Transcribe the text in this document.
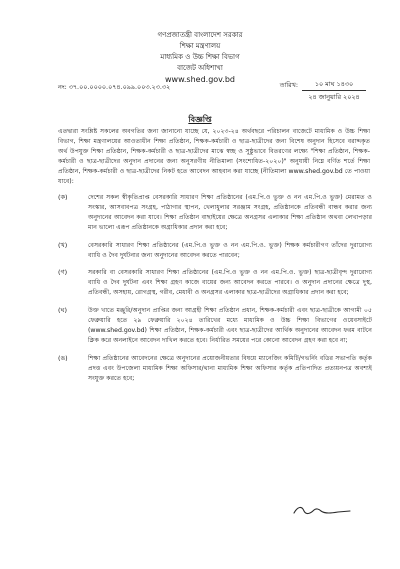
গণপ্রজাতন্ত্রী বাংলাদেশ সরকার
শিক্ষা মন্ত্রণালয়
মাধ্যমিক ও উচ্চ শিক্ষা বিভাগ
বাজেট অধিশাখা
www.shed.gov.bd
নং: ৩৭.০০.০০০০.০৭৪.০৯৯.০০৩.২৩.৩২	তারিখ:	১০ মাঘ ১৪৩০
২৪ জানুয়ারি ২০২৪
বিজ্ঞপ্তি

এতদ্বারা সংশ্লিষ্ট সকলের অবগতির জন্য জানানো যাচ্ছে যে, ২০২৩-২৪ অর্থবছরে পরিচালন বাজেটে মাধ্যমিক ও উচ্চ শিক্ষা বিভাগ, শিক্ষা মন্ত্রণালয়ের আওতাধীন শিক্ষা প্রতিষ্ঠান, শিক্ষক-কর্মচারী ও ছাত্র-ছাত্রীদের জন্য বিশেষ অনুদান হিসেবে বরাদ্দকৃত অর্থ উপযুক্ত শিক্ষা প্রতিষ্ঠান, শিক্ষক-কর্মচারী ও ছাত্র-ছাত্রীদের মাঝে স্বচ্ছ ও সুষ্ঠুভাবে বিতরণের লক্ষ্যে "শিক্ষা প্রতিষ্ঠান, শিক্ষক-কর্মচারী ও ছাত্র-ছাত্রীদের অনুদান প্রদানের জন্য অনুসরণীয় নীতিমালা (সংশোধিত-২০২০)" অনুযায়ী নিম্নে বর্ণিত শর্তে শিক্ষা প্রতিষ্ঠান, শিক্ষক-কর্মচারী ও ছাত্র-ছাত্রীদের নিকট হতে আবেদন আহবান করা যাচ্ছে (নীতিমালা www.shed.gov.bd তে পাওয়া যাবে):

(ক)	দেশের সকল স্বীকৃতিপ্রাপ্ত বেসরকারি সাধারণ শিক্ষা প্রতিষ্ঠানের (এম.পি.ও ভুক্ত ও নন এম.পি.ও ভুক্ত) মেরামত ও সংস্কার, আসবাবপত্র সংগ্রহ, পাঠাগার স্থাপন, খেলাধুলার সরঞ্জাম সংগ্রহ, প্রতিষ্ঠানকে প্রতিবন্ধী বান্ধব করার জন্য অনুদানের আবেদন করা যাবে। শিক্ষা প্রতিষ্ঠান বাছাইয়ের ক্ষেত্রে অনগ্রসর এলাকার শিক্ষা প্রতিষ্ঠান অথবা লেখাপড়ার মান ভালো এরূপ প্রতিষ্ঠানকে অগ্রাধিকার প্রদান করা হবে;
(খ)	বেসরকারি সাধারণ শিক্ষা প্রতিষ্ঠানের (এম.পি.ও ভুক্ত ও নন এম.পি.ও. ভুক্ত) শিক্ষক কর্মচারীগণ তাঁদের দুরারোগ্য ব্যাধি ও দৈব দুর্ঘটনার জন্য অনুদানের আবেদন করতে পারবেন;
(গ)	সরকারি বা বেসরকারি সাধারণ শিক্ষা প্রতিষ্ঠানের (এম.পি.ও ভুক্ত ও নন এম.পি.ও. ভুক্ত) ছাত্র-ছাত্রীবৃন্দ দুরারোগ্য ব্যাধি ও দৈব দুর্ঘটনা এবং শিক্ষা গ্রহণ কাজে ব্যয়ের জন্য আবেদন করতে পারবে। ও অনুদান প্রদানের ক্ষেত্রে দুস্থ, প্রতিবন্ধী, অসহায়, রোগগ্রস্থ, গরীব, মেধাবী ও অনগ্রসর এলাকার ছাত্র-ছাত্রীদের অগ্রাধিকার প্রদান করা হবে;
(ঘ)	উক্ত খাতে মঞ্জুরি/অনুদান প্রাপ্তির জন্য আগ্রহী শিক্ষা প্রতিষ্ঠান প্রধান, শিক্ষক-কর্মচারী এবং ছাত্র-ছাত্রীকে আগামী ০৫ ফেব্রুয়ারি হতে ২৯ ফেব্রুয়ারি ২০২৪ তারিখের মধ্যে মাধ্যমিক ও উচ্চ শিক্ষা বিভাগের ওয়েবসাইটে (www.shed.gov.bd) শিক্ষা প্রতিষ্ঠান, শিক্ষক-কর্মচারী এবং ছাত্র-ছাত্রীদের আর্থিক অনুদানের আবেদন ফরম বাটনে ক্লিক করে অনলাইনে আবেদন দাখিল করতে হবে। নির্ধারিত সময়ের পরে কোনো আবেদন গ্রহণ করা হবে না;
(ঙ)	শিক্ষা প্রতিষ্ঠানের আবেদনের ক্ষেত্রে অনুদানের প্রয়োজনীয়তার বিষয়ে ম্যানেজিং কমিটি/গভর্নিং বডির সভাপতি কর্তৃক প্রদত্ত এবং উপজেলা মাধ্যমিক শিক্ষা অফিসার/থানা মাধ্যমিক শিক্ষা অফিসার কর্তৃক প্রতিপাদিত প্রত্যয়নপত্র অবশ্যই সংযুক্ত করতে হবে;
